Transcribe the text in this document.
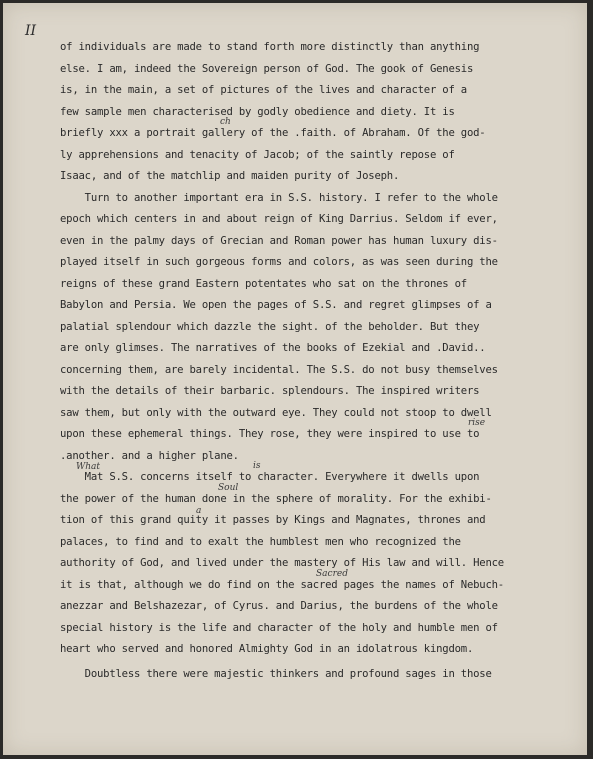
II
of individuals are made to stand forth more distinctly than anything
else. I am, indeed the Sovereign person of God. The gook of Genesis
is, in the main, a set of pictures of the lives and character of a
few sample men characterised by godly obedience and diety. It is
briefly xxx a portrait gallery of the .faith. of Abraham. Of the god-
ly apprehensions and tenacity of Jacob; of the saintly repose of
Isaac, and of the matchlip and maiden purity of Joseph.
Turn to another important era in S.S. history. I refer to the whole
epoch which centers in and about reign of King Darrius. Seldom if ever,
even in the palmy days of Grecian and Roman power has human luxury dis-
played itself in such gorgeous forms and colors, as was seen during the
reigns of these grand Eastern potentates who sat on the thrones of
Babylon and Persia. We open the pages of S.S. and regret glimpses of a
palatial splendour which dazzle the sight. of the beholder. But they
are only glimses. The narratives of the books of Ezekial and .David..
concerning them, are barely incidental. The S.S. do not busy themselves
with the details of their barbaric. splendours. The inspired writers
saw them, but only with the outward eye. They could not stoop to dwell
upon these ephemeral things. They rose, they were inspired to use to
.another. and a higher plane.
Mat S.S. concerns itself to character. Everywhere it dwells upon
the power of the human done in the sphere of morality. For the exhibi-
tion of this grand quity it passes by Kings and Magnates, thrones and
palaces, to find and to exalt the humblest men who recognized the
authority of God, and lived under the mastery of His law and will. Hence
it is that, although we do find on the sacred pages the names of Nebuch-
anezzar and Belshazezar, of Cyrus. and Darius, the burdens of the whole
special history is the life and character of the holy and humble men of
heart who served and honored Almighty God in an idolatrous kingdom.
Doubtless there were majestic thinkers and profound sages in those
ch
rise
What	is
Soul
Sacred
a
